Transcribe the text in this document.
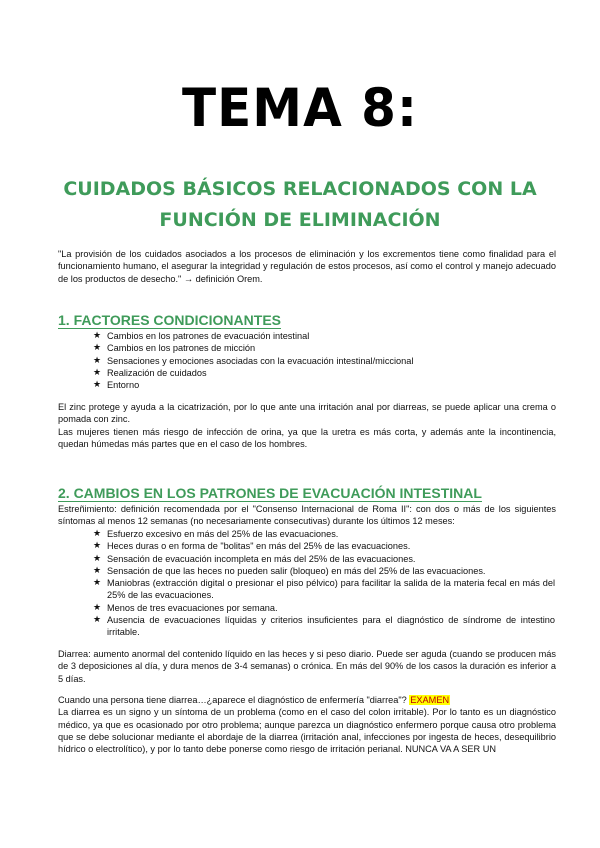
TEMA 8:
CUIDADOS BÁSICOS RELACIONADOS CON LA
FUNCIÓN DE ELIMINACIÓN

"La provisión de los cuidados asociados a los procesos de eliminación y los excrementos tiene como finalidad para el funcionamiento humano, el asegurar la integridad y regulación de estos procesos, así como el control y manejo adecuado de los productos de desecho." → definición Orem.

1. FACTORES CONDICIONANTES
★ Cambios en los patrones de evacuación intestinal
★ Cambios en los patrones de micción
★ Sensaciones y emociones asociadas con la evacuación intestinal/miccional
★ Realización de cuidados
★ Entorno

El zinc protege y ayuda a la cicatrización, por lo que ante una irritación anal por diarreas, se puede aplicar una crema o pomada con zinc.

Las mujeres tienen más riesgo de infección de orina, ya que la uretra es más corta, y además ante la incontinencia, quedan húmedas más partes que en el caso de los hombres.

2. CAMBIOS EN LOS PATRONES DE EVACUACIÓN INTESTINAL

Estreñimiento: definición recomendada por el "Consenso Internacional de Roma II": con dos o más de los siguientes síntomas al menos 12 semanas (no necesariamente consecutivas) durante los últimos 12 meses:

★ Esfuerzo excesivo en más del 25% de las evacuaciones.
★ Heces duras o en forma de "bolitas" en más del 25% de las evacuaciones.
★ Sensación de evacuación incompleta en más del 25% de las evacuaciones.
★ Sensación de que las heces no pueden salir (bloqueo) en más del 25% de las evacuaciones.
★ Maniobras (extracción digital o presionar el piso pélvico) para facilitar la salida de la materia fecal en más del 25% de las evacuaciones.
★ Menos de tres evacuaciones por semana.
★ Ausencia de evacuaciones líquidas y criterios insuficientes para el diagnóstico de síndrome de intestino irritable.

Diarrea: aumento anormal del contenido líquido en las heces y si peso diario. Puede ser aguda (cuando se producen más de 3 deposiciones al día, y dura menos de 3-4 semanas) o crónica. En más del 90% de los casos la duración es inferior a 5 días.

Cuando una persona tiene diarrea…¿aparece el diagnóstico de enfermería "diarrea"? EXAMEN

La diarrea es un signo y un síntoma de un problema (como en el caso del colon irritable). Por lo tanto es un diagnóstico médico, ya que es ocasionado por otro problema; aunque parezca un diagnóstico enfermero porque causa otro problema que se debe solucionar mediante el abordaje de la diarrea (irritación anal, infecciones por ingesta de heces, desequilibrio hídrico o electrolítico), y por lo tanto debe ponerse como riesgo de irritación perianal. NUNCA VA A SER UN
